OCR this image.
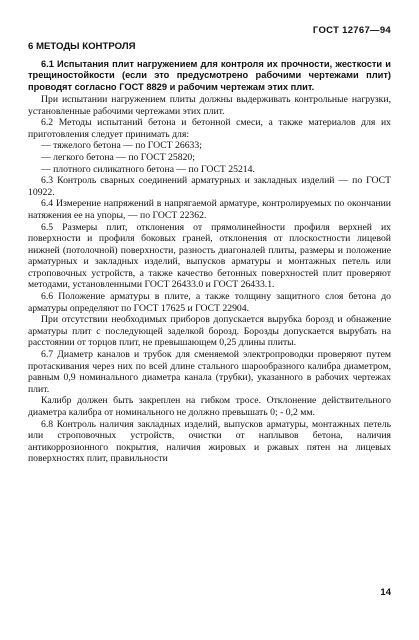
ГОСТ 12767—94
6 МЕТОДЫ КОНТРОЛЯ

6.1 Испытания плит нагружением для контроля их прочности, жесткости и трещиностойкости (если это предусмотрено рабочими чертежами плит) проводят согласно ГОСТ 8829 и рабочим чертежам этих плит.

При испытании нагружением плиты должны выдерживать контрольные нагрузки, установленные рабочими чертежами этих плит.

6.2 Методы испытаний бетона и бетонной смеси, а также материалов для их приготовления следует принимать для:

— тяжелого бетона — по ГОСТ 26633;
— легкого бетона — по ГОСТ 25820;
— плотного силикатного бетона — по ГОСТ 25214.

6.3 Контроль сварных соединений арматурных и закладных изделий — по ГОСТ 10922.

6.4 Измерение напряжений в напрягаемой арматуре, контролируемых по окончании натяжения ее на упоры, — по ГОСТ 22362.

6.5 Размеры плит, отклонения от прямолинейности профиля верхней их поверхности и профиля боковых граней, отклонения от плоскостности лицевой нижней (потолочной) поверхности, разность диагоналей плиты, размеры и положение арматурных и закладных изделий, выпусков арматуры и монтажных петель или строповочных устройств, а также качество бетонных поверхностей плит проверяют методами, установленными ГОСТ 26433.0 и ГОСТ 26433.1.

6.6 Положение арматуры в плите, а также толщину защитного слоя бетона до арматуры определяют по ГОСТ 17625 и ГОСТ 22904.

При отсутствии необходимых приборов допускается вырубка борозд и обнажение арматуры плит с последующей заделкой борозд. Борозды допускается вырубать на расстоянии от торцов плит, не превышающем 0,25 длины плиты.

6.7 Диаметр каналов и трубок для сменяемой электропроводки проверяют путем протаскивания через них по всей длине стального шарообразного калибра диаметром, равным 0,9 номинального диаметра канала (трубки), указанного в рабочих чертежах плит.

Калибр должен быть закреплен на гибком тросе. Отклонение действительного диаметра калибра от номинального не должно превышать 0; - 0,2 мм.

6.8 Контроль наличия закладных изделий, выпусков арматуры, монтажных петель или строповочных устройств, очистки от наплывов бетона, наличия антикоррозионного покрытия, наличия жировых и ржавых пятен на лицевых поверхностях плит, правильности

14
